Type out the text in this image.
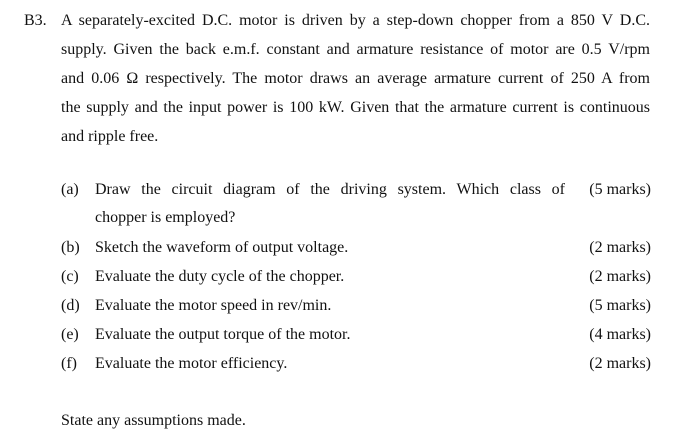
B3. A separately-excited D.C. motor is driven by a step-down chopper from a 850 V D.C.
supply. Given the back e.m.f. constant and armature resistance of motor are 0.5 V/rpm
and 0.06 Ω respectively. The motor draws an average armature current of 250 A from
the supply and the input power is 100 kW. Given that the armature current is continuous
and ripple free.
(a)	Draw the circuit diagram of the driving system. Which class of
chopper is employed?
(5 marks)
(b) Sketch the waveform of output voltage.	(2 marks)
(c)	Evaluate the duty cycle of the chopper.	(2 marks)
(d) Evaluate the motor speed in rev/min.	(5 marks)
(e)	Evaluate the output torque of the motor.	(4 marks)
(f)	Evaluate the motor efficiency.	(2 marks)
State any assumptions made.
